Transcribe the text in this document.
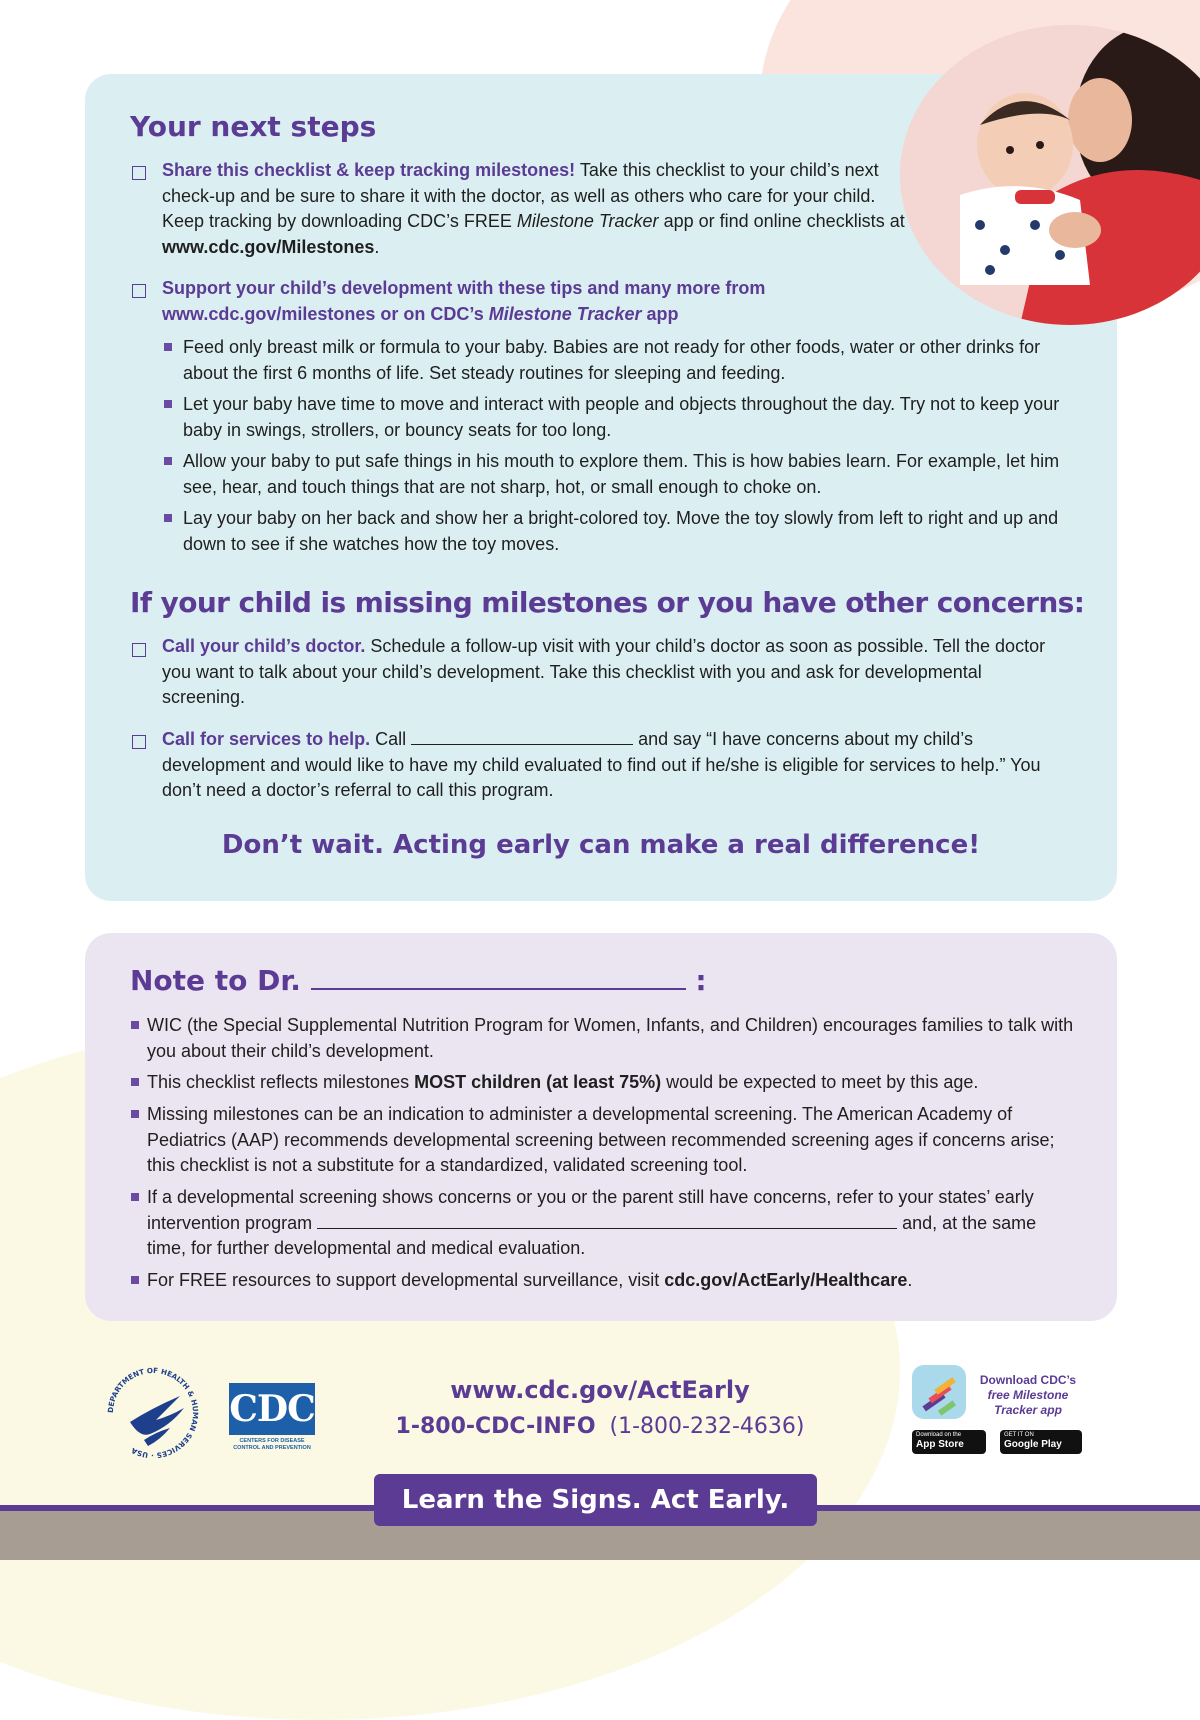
Your next steps
Share this checklist & keep tracking milestones! Take this checklist to your child’s next check-up and be sure to share it with the doctor, as well as others who care for your child. Keep tracking by downloading CDC’s FREE Milestone Tracker app or find online checklists at www.cdc.gov/Milestones.
Support your child’s development with these tips and many more from www.cdc.gov/milestones or on CDC’s Milestone Tracker app
Feed only breast milk or formula to your baby. Babies are not ready for other foods, water or other drinks for about the first 6 months of life. Set steady routines for sleeping and feeding.
Let your baby have time to move and interact with people and objects throughout the day. Try not to keep your baby in swings, strollers, or bouncy seats for too long.
Allow your baby to put safe things in his mouth to explore them. This is how babies learn. For example, let him see, hear, and touch things that are not sharp, hot, or small enough to choke on.
Lay your baby on her back and show her a bright-colored toy. Move the toy slowly from left to right and up and down to see if she watches how the toy moves.
If your child is missing milestones or you have other concerns:
Call your child’s doctor. Schedule a follow-up visit with your child’s doctor as soon as possible. Tell the doctor you want to talk about your child’s development. Take this checklist with you and ask for developmental screening.
Call for services to help. Call	and say “I have concerns about my child’s development and would like to have my child evaluated to find out if he/she is eligible for services to help.” You don’t need a doctor’s referral to call this program.
Don’t wait. Acting early can make a real difference!
Note to Dr.	:
WIC (the Special Supplemental Nutrition Program for Women, Infants, and Children) encourages families to talk with you about their child’s development.
This checklist reflects milestones MOST children (at least 75%) would be expected to meet by this age.
Missing milestones can be an indication to administer a developmental screening. The American Academy of Pediatrics (AAP) recommends developmental screening between recommended screening ages if concerns arise; this checklist is not a substitute for a standardized, validated screening tool.
If a developmental screening shows concerns or you or the parent still have concerns, refer to your states’ early intervention program	and, at the same time, for further developmental and medical evaluation.
For FREE resources to support developmental surveillance, visit cdc.gov/ActEarly/Healthcare.
DEPARTMENT OF HEALTH & HUMAN SERVICES · USA
CDC
CENTERS FOR DISEASE
CONTROL AND PREVENTION
www.cdc.gov/ActEarly
1-800-CDC-INFO (1-800-232-4636)
Download CDC’s
free Milestone
Tracker app
Download on the
App Store
GET IT ON
Google Play
Learn the Signs. Act Early.
